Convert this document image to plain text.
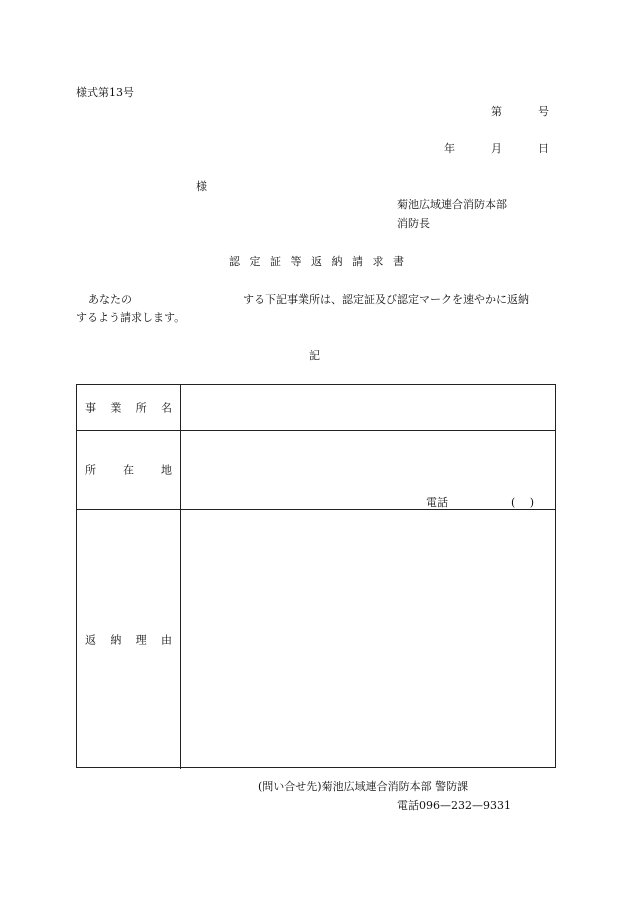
様式第13号
第	号
年	月	日
様
菊池広域連合消防本部
消防長
認定証等返納請求書
あなたの	する下記事業所は、認定証及び認定マークを速やかに返納
するよう請求します。
記
事 業 所 名
所 在 地
電話	(　 )
返 納 理 由
(問い合せ先)菊池広域連合消防本部 警防課
電話096—232—9331
